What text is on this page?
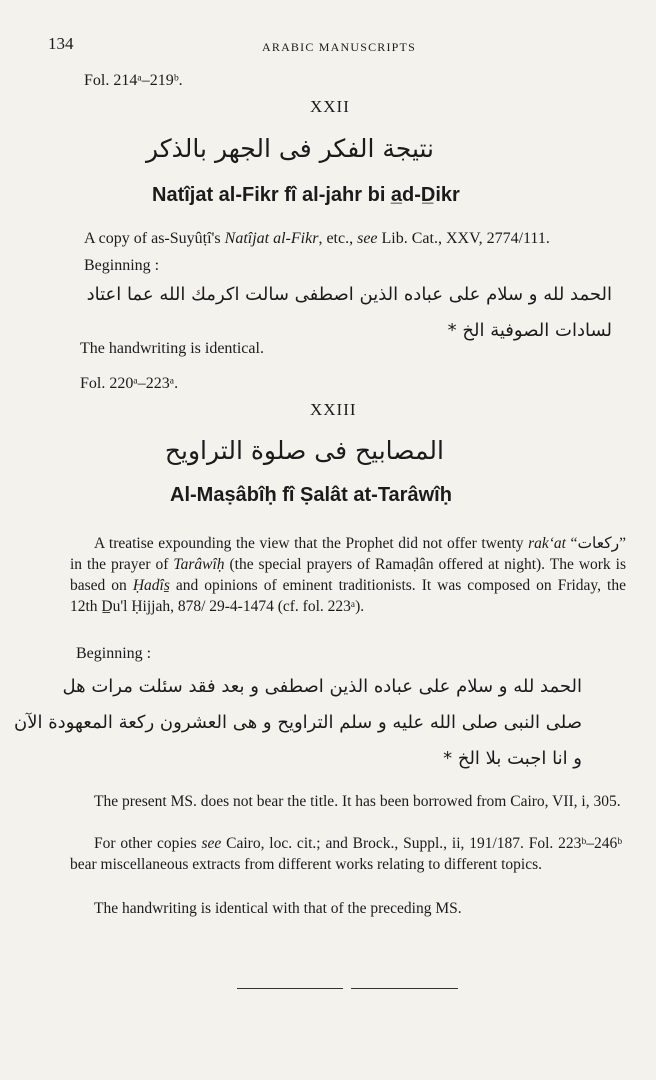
134	ARABIC MANUSCRIPTS
Fol. 214ᵃ–219ᵇ.
XXII
نتيجة الفكر فى الجهر بالذكر
Natîjat al-Fikr fî al-jahr bi a̲d-D̲ikr
A copy of as-Suyûṭî's Natîjat al-Fikr, etc., see Lib. Cat., XXV, 2774/111.
Beginning :
الحمد لله و سلام على عباده الذين اصطفى سالت اكرمك الله عما اعتاد
لسادات الصوفية الخ *
The handwriting is identical.
Fol. 220ᵃ–223ᵃ.
XXIII
المصابيح فى صلوة التراويح
Al-Maṣâbîḥ fî Ṣalât at-Tarâwîḥ
A treatise expounding the view that the Prophet did not offer twenty rak‘at “ركعات” in the prayer of Tarâwîḥ (the special prayers of Ramaḍân offered at night). The work is based on Ḥadîs̱ and opinions of eminent traditionists. It was composed on Friday, the 12th D̲u'l Ḥijjah, 878/ 29-4-1474 (cf. fol. 223ᵃ).
Beginning :
الحمد لله و سلام على عباده الذين اصطفى و بعد فقد سئلت مرات هل
صلى النبى صلى الله عليه و سلم التراويح و هى العشرون ركعة المعهودة الآن
و انا اجبت بلا الخ *
The present MS. does not bear the title. It has been borrowed from Cairo, VII, i, 305.
For other copies see Cairo, loc. cit.; and Brock., Suppl., ii, 191/187. Fol. 223ᵇ–246ᵇ bear miscellaneous extracts from different works relating to different topics.
The handwriting is identical with that of the preceding MS.
